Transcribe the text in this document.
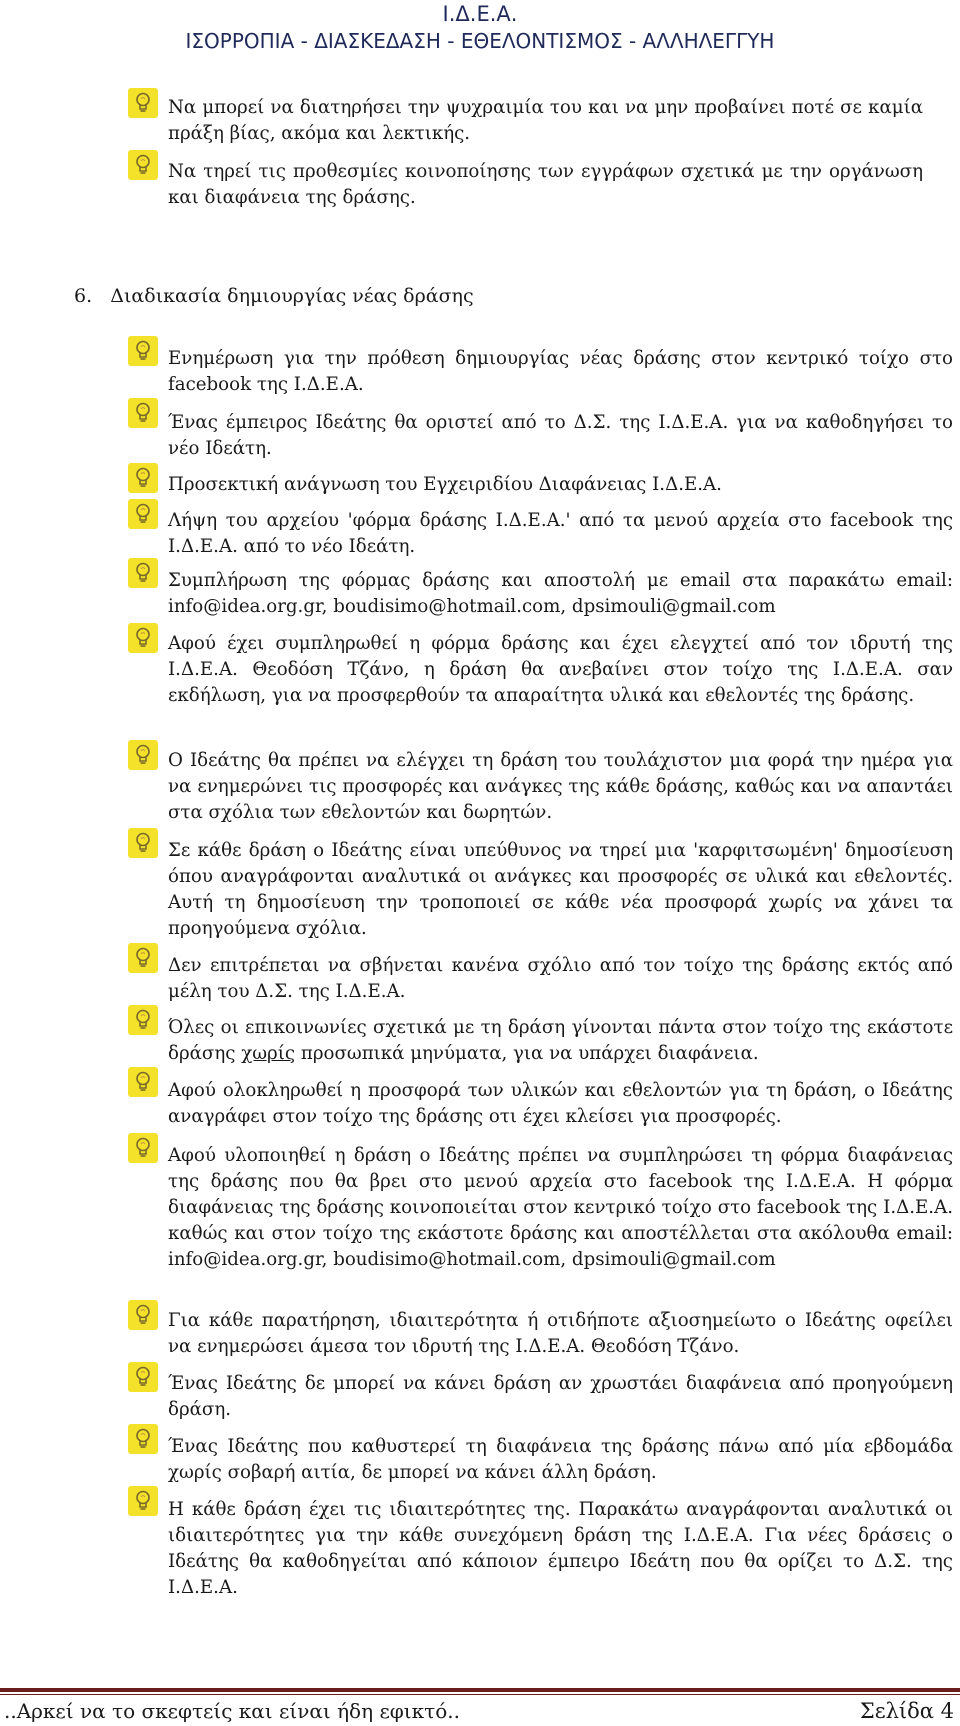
Ι.Δ.Ε.Α.
ΙΣΟΡΡΟΠΙΑ - ΔΙΑΣΚΕΔΑΣΗ - ΕΘΕΛΟΝΤΙΣΜΟΣ - ΑΛΛΗΛΕΓΓΥΗ
Να μπορεί να διατηρήσει την ψυχραιμία του και να μην προβαίνει ποτέ σε καμία πράξη βίας, ακόμα και λεκτικής.
Να τηρεί τις προθεσμίες κοινοποίησης των εγγράφων σχετικά με την οργάνωση και διαφάνεια της δράσης.
6. Διαδικασία δημιουργίας νέας δράσης
Ενημέρωση για την πρόθεση δημιουργίας νέας δράσης στον κεντρικό τοίχο στο facebook της Ι.Δ.Ε.Α.
Ένας έμπειρος Ιδεάτης θα οριστεί από το Δ.Σ. της Ι.Δ.Ε.Α. για να καθοδηγήσει το νέο Ιδεάτη.
Προσεκτική ανάγνωση του Εγχειριδίου Διαφάνειας Ι.Δ.Ε.Α.
Λήψη του αρχείου 'φόρμα δράσης Ι.Δ.Ε.Α.' από τα μενού αρχεία στο facebook της Ι.Δ.Ε.Α. από το νέο Ιδεάτη.
Συμπλήρωση της φόρμας δράσης και αποστολή με email στα παρακάτω email: info@idea.org.gr, boudisimo@hotmail.com, dpsimouli@gmail.com
Αφού έχει συμπληρωθεί η φόρμα δράσης και έχει ελεγχτεί από τον ιδρυτή της Ι.Δ.Ε.Α. Θεοδόση Τζάνο, η δράση θα ανεβαίνει στον τοίχο της Ι.Δ.Ε.Α. σαν εκδήλωση, για να προσφερθούν τα απαραίτητα υλικά και εθελοντές της δράσης.
Ο Ιδεάτης θα πρέπει να ελέγχει τη δράση του τουλάχιστον μια φορά την ημέρα για να ενημερώνει τις προσφορές και ανάγκες της κάθε δράσης, καθώς και να απαντάει στα σχόλια των εθελοντών και δωρητών.
Σε κάθε δράση ο Ιδεάτης είναι υπεύθυνος να τηρεί μια 'καρφιτσωμένη' δημοσίευση όπου αναγράφονται αναλυτικά οι ανάγκες και προσφορές σε υλικά και εθελοντές. Αυτή τη δημοσίευση την τροποποιεί σε κάθε νέα προσφορά χωρίς να χάνει τα προηγούμενα σχόλια.
Δεν επιτρέπεται να σβήνεται κανένα σχόλιο από τον τοίχο της δράσης εκτός από μέλη του Δ.Σ. της Ι.Δ.Ε.Α.
Όλες οι επικοινωνίες σχετικά με τη δράση γίνονται πάντα στον τοίχο της εκάστοτε δράσης χωρίς προσωπικά μηνύματα, για να υπάρχει διαφάνεια.
Αφού ολοκληρωθεί η προσφορά των υλικών και εθελοντών για τη δράση, ο Ιδεάτης αναγράφει στον τοίχο της δράσης οτι έχει κλείσει για προσφορές.
Αφού υλοποιηθεί η δράση ο Ιδεάτης πρέπει να συμπληρώσει τη φόρμα διαφάνειας της δράσης που θα βρει στο μενού αρχεία στο facebook της Ι.Δ.Ε.Α. Η φόρμα διαφάνειας της δράσης κοινοποιείται στον κεντρικό τοίχο στο facebook της Ι.Δ.Ε.Α. καθώς και στον τοίχο της εκάστοτε δράσης και αποστέλλεται στα ακόλουθα email: info@idea.org.gr, boudisimo@hotmail.com, dpsimouli@gmail.com
Για κάθε παρατήρηση, ιδιαιτερότητα ή οτιδήποτε αξιοσημείωτο ο Ιδεάτης οφείλει να ενημερώσει άμεσα τον ιδρυτή της Ι.Δ.Ε.Α. Θεοδόση Τζάνο.
Ένας Ιδεάτης δε μπορεί να κάνει δράση αν χρωστάει διαφάνεια από προηγούμενη δράση.
Ένας Ιδεάτης που καθυστερεί τη διαφάνεια της δράσης πάνω από μία εβδομάδα χωρίς σοβαρή αιτία, δε μπορεί να κάνει άλλη δράση.
Η κάθε δράση έχει τις ιδιαιτερότητες της. Παρακάτω αναγράφονται αναλυτικά οι ιδιαιτερότητες για την κάθε συνεχόμενη δράση της Ι.Δ.Ε.Α. Για νέες δράσεις ο Ιδεάτης θα καθοδηγείται από κάποιον έμπειρο Ιδεάτη που θα ορίζει το Δ.Σ. της Ι.Δ.Ε.Α.
..Αρκεί να το σκεφτείς και είναι ήδη εφικτό..	Σελίδα 4
